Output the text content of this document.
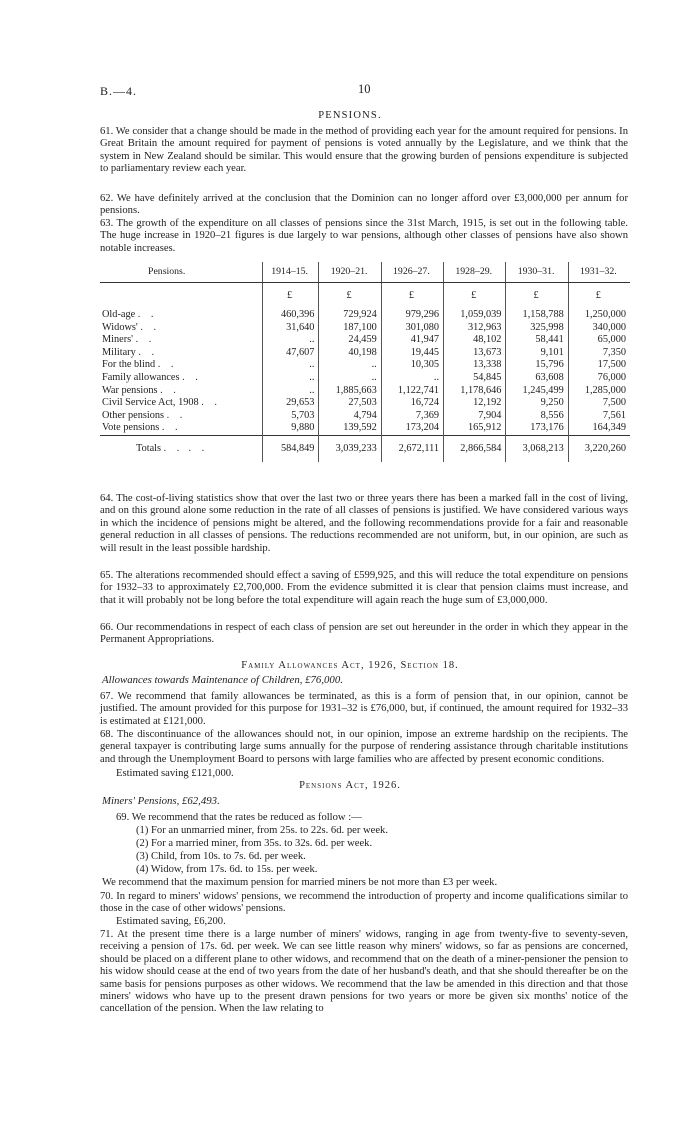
B.—4.	10
PENSIONS.

61. We consider that a change should be made in the method of providing each year for the amount required for pensions. In Great Britain the amount required for payment of pensions is voted annually by the Legislature, and we think that the system in New Zealand should be similar. This would ensure that the growing burden of pensions expenditure is subjected to parliamentary review each year.

62. We have definitely arrived at the conclusion that the Dominion can no longer afford over £3,000,000 per annum for pensions.

63. The growth of the expenditure on all classes of pensions since the 31st March, 1915, is set out in the following table. The huge increase in 1920–21 figures is due largely to war pensions, although other classes of pensions have also shown notable increases.

Pensions.	1914–15.	1920–21.	1926–27.	1928–29.	1930–31.	1931–32.
	£	£	£	£	£	£
Old-age . .	460,396	729,924	979,296	1,059,039	1,158,788	1,250,000
Widows' . .	31,640	187,100	301,080	312,963	325,998	340,000
Miners' . .	..	24,459	41,947	48,102	58,441	65,000
Military . .	47,607	40,198	19,445	13,673	9,101	7,350
For the blind . .	..	..	10,305	13,338	15,796	17,500
Family allowances . .	..	..	..	54,845	63,608	76,000
War pensions . .	..	1,885,663	1,122,741	1,178,646	1,245,499	1,285,000
Civil Service Act, 1908 . .	29,653	27,503	16,724	12,192	9,250	7,500
Other pensions . .	5,703	4,794	7,369	7,904	8,556	7,561
Vote pensions . .	9,880	139,592	173,204	165,912	173,176	164,349
Totals . . . .	584,849	3,039,233	2,672,111	2,866,584	3,068,213	3,220,260

64. The cost-of-living statistics show that over the last two or three years there has been a marked fall in the cost of living, and on this ground alone some reduction in the rate of all classes of pensions is justified. We have considered various ways in which the incidence of pensions might be altered, and the following recommendations provide for a fair and reasonable general reduction in all classes of pensions. The reductions recommended are not uniform, but, in our opinion, are such as will result in the least possible hardship.

65. The alterations recommended should effect a saving of £599,925, and this will reduce the total expenditure on pensions for 1932–33 to approximately £2,700,000. From the evidence submitted it is clear that pension claims must increase, and that it will probably not be long before the total expenditure will again reach the huge sum of £3,000,000.

66. Our recommendations in respect of each class of pension are set out hereunder in the order in which they appear in the Permanent Appropriations.

Family Allowances Act, 1926, Section 18.
Allowances towards Maintenance of Children, £76,000.

67. We recommend that family allowances be terminated, as this is a form of pension that, in our opinion, cannot be justified. The amount provided for this purpose for 1931–32 is £76,000, but, if continued, the amount required for 1932–33 is estimated at £121,000.

68. The discontinuance of the allowances should not, in our opinion, impose an extreme hardship on the recipients. The general taxpayer is contributing large sums annually for the purpose of rendering assistance through charitable institutions and through the Unemployment Board to persons with large families who are affected by present economic conditions.

Estimated saving £121,000.
Pensions Act, 1926.
Miners' Pensions, £62,493.
69. We recommend that the rates be reduced as follow :—
(1) For an unmarried miner, from 25s. to 22s. 6d. per week.
(2) For a married miner, from 35s. to 32s. 6d. per week.
(3) Child, from 10s. to 7s. 6d. per week.
(4) Widow, from 17s. 6d. to 15s. per week.
We recommend that the maximum pension for married miners be not more than £3 per week.

70. In regard to miners' widows' pensions, we recommend the introduction of property and income qualifications similar to those in the case of other widows' pensions.

Estimated saving, £6,200.

71. At the present time there is a large number of miners' widows, ranging in age from twenty-five to seventy-seven, receiving a pension of 17s. 6d. per week. We can see little reason why miners' widows, so far as pensions are concerned, should be placed on a different plane to other widows, and recommend that on the death of a miner-pensioner the pension to his widow should cease at the end of two years from the date of her husband's death, and that she should thereafter be on the same basis for pensions purposes as other widows. We recommend that the law be amended in this direction and that those miners' widows who have up to the present drawn pensions for two years or more be given six months' notice of the cancellation of the pension. When the law relating to
